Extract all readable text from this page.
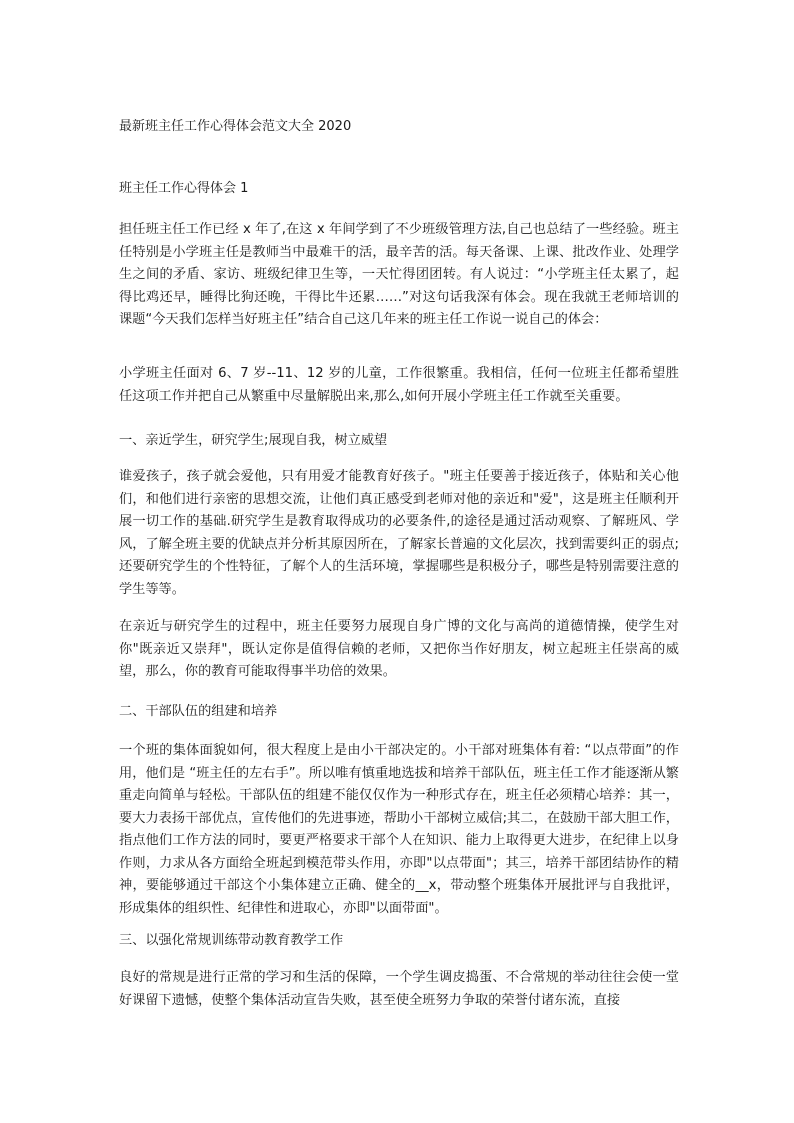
最新班主任工作心得体会范文大全 2020
班主任工作心得体会 1
担任班主任工作已经 x 年了,在这 x 年间学到了不少班级管理方法,自己也总结了一些经验。班主任特别是小学班主任是教师当中最难干的活，最辛苦的活。每天备课、上课、批改作业、处理学生之间的矛盾、家访、班级纪律卫生等，一天忙得团团转。有人说过：“小学班主任太累了，起得比鸡还早，睡得比狗还晚，干得比牛还累……”对这句话我深有体会。现在我就王老师培训的课题“今天我们怎样当好班主任”结合自己这几年来的班主任工作说一说自己的体会：
小学班主任面对 6、7 岁--11、12 岁的儿童，工作很繁重。我相信，任何一位班主任都希望胜任这项工作并把自己从繁重中尽量解脱出来,那么,如何开展小学班主任工作就至关重要。
一、亲近学生，研究学生;展现自我，树立威望
谁爱孩子，孩子就会爱他，只有用爱才能教育好孩子。"班主任要善于接近孩子，体贴和关心他们，和他们进行亲密的思想交流，让他们真正感受到老师对他的亲近和"爱"，这是班主任顺利开展一切工作的基础.研究学生是教育取得成功的必要条件,的途径是通过活动观察、了解班风、学风，了解全班主要的优缺点并分析其原因所在，了解家长普遍的文化层次，找到需要纠正的弱点;还要研究学生的个性特征，了解个人的生活环境，掌握哪些是积极分子，哪些是特别需要注意的学生等等。
在亲近与研究学生的过程中，班主任要努力展现自身广博的文化与高尚的道德情操，使学生对你"既亲近又崇拜"，既认定你是值得信赖的老师，又把你当作好朋友，树立起班主任崇高的威望，那么，你的教育可能取得事半功倍的效果。
二、干部队伍的组建和培养
一个班的集体面貌如何，很大程度上是由小干部决定的。小干部对班集体有着: “以点带面”的作用，他们是 “班主任的左右手”。所以唯有慎重地选拔和培养干部队伍，班主任工作才能逐渐从繁重走向简单与轻松。干部队伍的组建不能仅仅作为一种形式存在，班主任必须精心培养：其一，要大力表扬干部优点，宣传他们的先进事迹，帮助小干部树立威信;其二，在鼓励干部大胆工作，指点他们工作方法的同时，要更严格要求干部个人在知识、能力上取得更大进步，在纪律上以身作则，力求从各方面给全班起到模范带头作用，亦即"以点带面"；其三，培养干部团结协作的精神，要能够通过干部这个小集体建立正确、健全的__x，带动整个班集体开展批评与自我批评，形成集体的组织性、纪律性和进取心，亦即"以面带面"。
三、以强化常规训练带动教育教学工作
良好的常规是进行正常的学习和生活的保障，一个学生调皮捣蛋、不合常规的举动往往会使一堂好课留下遗憾，使整个集体活动宣告失败，甚至使全班努力争取的荣誉付诸东流，直接
